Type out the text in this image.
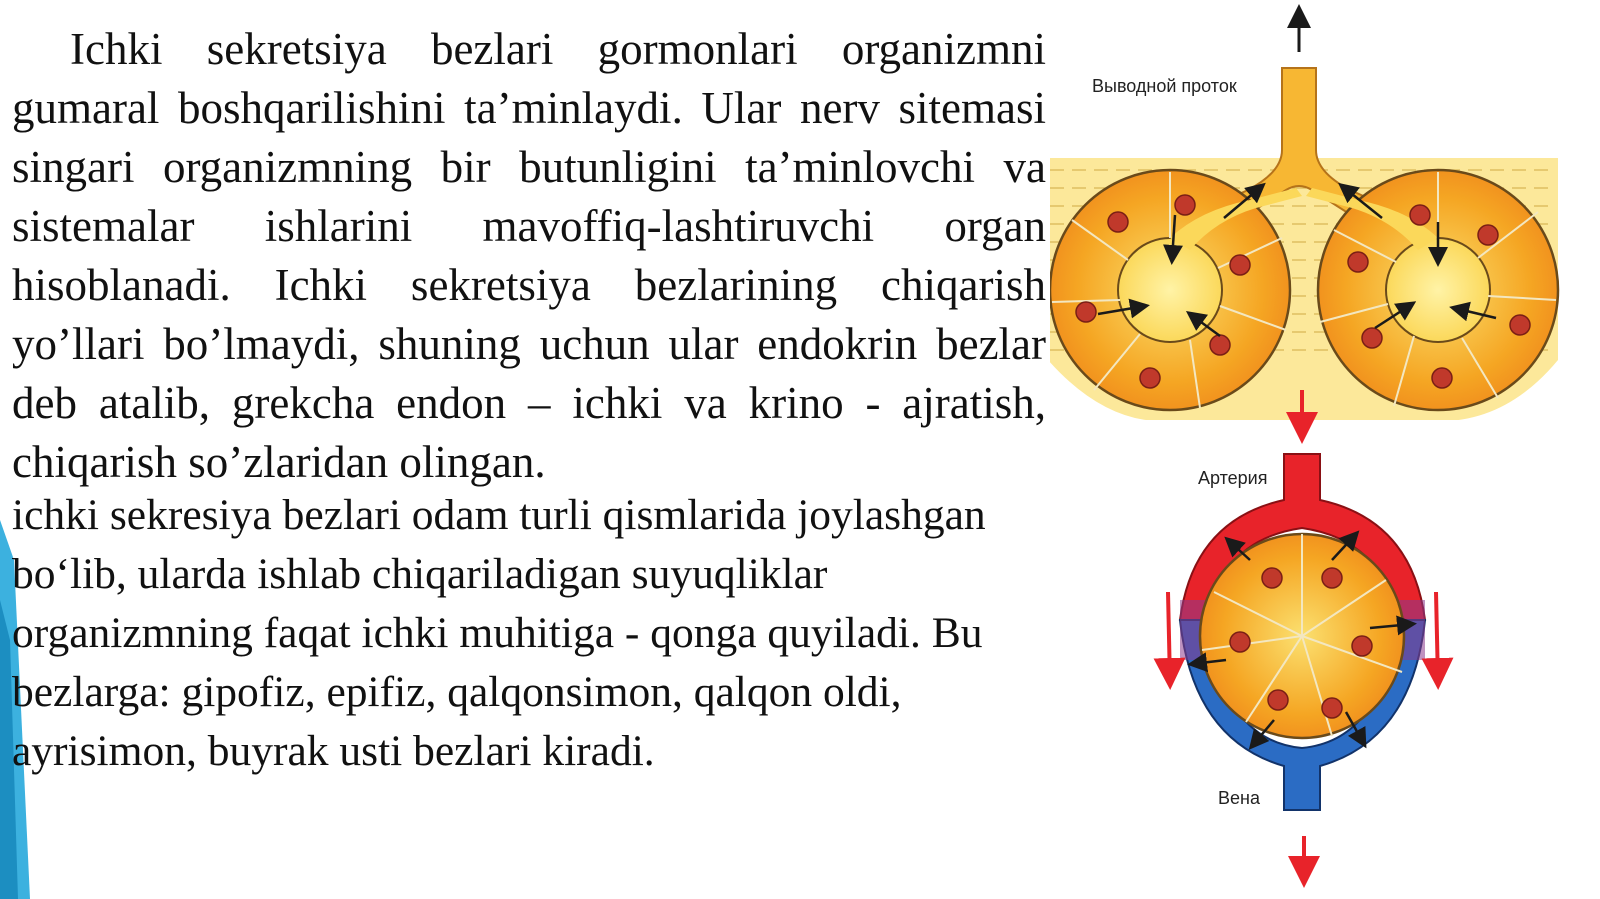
Ichki sekretsiya bezlari gormonlari organizmni gumaral boshqarilishini ta’minlaydi. Ular nerv sitemasi singari organizmning bir butunligini ta’minlovchi va sistemalar ishlarini mavoffiq-lashtiruvchi organ hisoblanadi. Ichki sekretsiya bezlarining chiqarish yo’llari bo’lmaydi, shuning uchun ular endokrin bezlar deb atalib, grekcha endon – ichki va krino - ajratish, chiqarish so’zlaridan olingan.

ichki sekresiya bezlari odam turli qismlarida joylashgan bo‘lib, ularda ishlab chiqariladigan suyuqliklar organizmning faqat ichki muhitiga - qonga quyiladi. Bu bezlarga: gipofiz, epifiz, qalqonsimon, qalqon oldi, ayrisimon, buyrak usti bezlari kiradi.

Выводной проток
Артерия
Вена
